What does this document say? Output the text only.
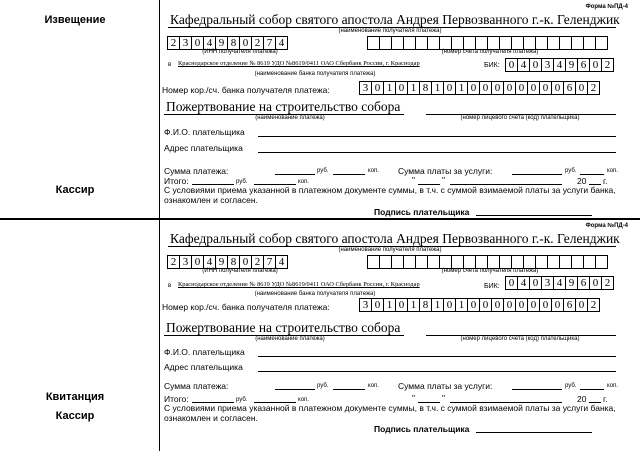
Извещение
Кассир
Форма №ПД-4
Кафедральный собор святого апостола Андрея Первозванного г.-к. Геленджик
(наименование получателя платежа)
2 3 0 4 9 8 0 2 7 4
(ИНН получателя платежа)	(номер счета получателя платежа)
в Краснодарское отделение № 8619 УДО №8619/0411 ОАО Сбербанк России, г. Краснодар	БИК: 0 4 0 3 4 9 6 0 2
(наименование банка получателя платежа)
Номер кор./сч. банка получателя платежа:	3 0 1 0 1 8 1 0 1 0 0 0 0 0 0 0 0 6 0 2
Пожертвование на строительство собора
(наименование платежа)	(номер лицевого счета (код) плательщика)
Ф.И.О. плательщика
Адрес плательщика
Сумма платежа:	руб.	коп. Сумма платы за услуги:	руб.	коп.
Итого:	руб.	коп.	"	"	20 г.
С условиями приема указанной в платежном документе суммы, в т.ч. с суммой взимаемой платы за услуги банка, ознакомлен и согласен.
Подпись плательщика
Квитанция
Кассир
Форма №ПД-4
Кафедральный собор святого апостола Андрея Первозванного г.-к. Геленджик
(наименование получателя платежа)
2 3 0 4 9 8 0 2 7 4
(ИНН получателя платежа)	(номер счета получателя платежа)
в Краснодарское отделение № 8619 УДО №8619/0411 ОАО Сбербанк России, г. Краснодар	БИК: 0 4 0 3 4 9 6 0 2
(наименование банка получателя платежа)
Номер кор./сч. банка получателя платежа:	3 0 1 0 1 8 1 0 1 0 0 0 0 0 0 0 0 6 0 2
Пожертвование на строительство собора
(наименование платежа)	(номер лицевого счета (код) плательщика)
Ф.И.О. плательщика
Адрес плательщика
Сумма платежа:	руб.	коп. Сумма платы за услуги:	руб.	коп.
Итого:	руб.	коп.	"	"	20 г.
С условиями приема указанной в платежном документе суммы, в т.ч. с суммой взимаемой платы за услуги банка, ознакомлен и согласен.
Подпись плательщика
